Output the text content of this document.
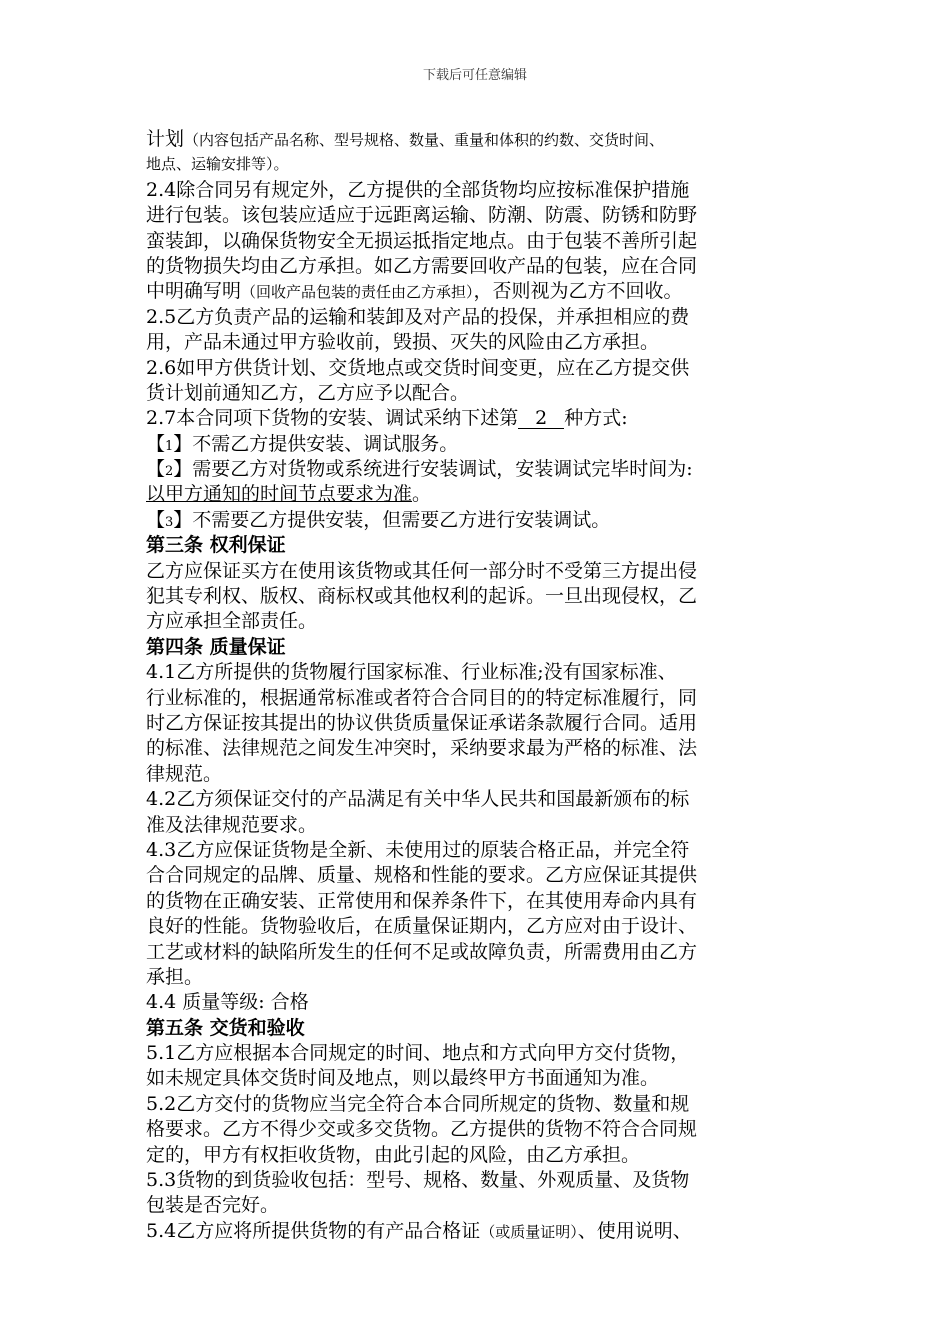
下载后可任意编辑
计划（内容包括产品名称、型号规格、数量、重量和体积的约数、交货时间、
地点、运输安排等）。
2.4除合同另有规定外，乙方提供的全部货物均应按标准保护措施
进行包装。该包装应适应于远距离运输、防潮、防震、防锈和防野
蛮装卸，以确保货物安全无损运抵指定地点。由于包装不善所引起
的货物损失均由乙方承担。如乙方需要回收产品的包装，应在合同
中明确写明（回收产品包装的责任由乙方承担），否则视为乙方不回收。
2.5乙方负责产品的运输和装卸及对产品的投保，并承担相应的费
用，产品未通过甲方验收前，毁损、灭失的风险由乙方承担。
2.6如甲方供货计划、交货地点或交货时间变更，应在乙方提交供
货计划前通知乙方，乙方应予以配合。
2.7本合同项下货物的安装、调试采纳下述第 2 种方式:
【1】不需乙方提供安装、调试服务。
【2】需要乙方对货物或系统进行安装调试，安装调试完毕时间为:
以甲方通知的时间节点要求为准。
【3】不需要乙方提供安装，但需要乙方进行安装调试。
第三条 权利保证
乙方应保证买方在使用该货物或其任何一部分时不受第三方提出侵
犯其专利权、版权、商标权或其他权利的起诉。一旦出现侵权，乙
方应承担全部责任。
第四条 质量保证
4.1乙方所提供的货物履行国家标准、行业标准;没有国家标准、
行业标准的，根据通常标准或者符合合同目的的特定标准履行，同
时乙方保证按其提出的协议供货质量保证承诺条款履行合同。适用
的标准、法律规范之间发生冲突时，采纳要求最为严格的标准、法
律规范。
4.2乙方须保证交付的产品满足有关中华人民共和国最新颁布的标
准及法律规范要求。
4.3乙方应保证货物是全新、未使用过的原装合格正品，并完全符
合合同规定的品牌、质量、规格和性能的要求。乙方应保证其提供
的货物在正确安装、正常使用和保养条件下，在其使用寿命内具有
良好的性能。货物验收后，在质量保证期内，乙方应对由于设计、
工艺或材料的缺陷所发生的任何不足或故障负责，所需费用由乙方
承担。
4.4 质量等级: 合格
第五条 交货和验收
5.1乙方应根据本合同规定的时间、地点和方式向甲方交付货物，
如未规定具体交货时间及地点，则以最终甲方书面通知为准。
5.2乙方交付的货物应当完全符合本合同所规定的货物、数量和规
格要求。乙方不得少交或多交货物。乙方提供的货物不符合合同规
定的，甲方有权拒收货物，由此引起的风险，由乙方承担。
5.3货物的到货验收包括：型号、规格、数量、外观质量、及货物
包装是否完好。
5.4乙方应将所提供货物的有产品合格证（或质量证明）、使用说明、
